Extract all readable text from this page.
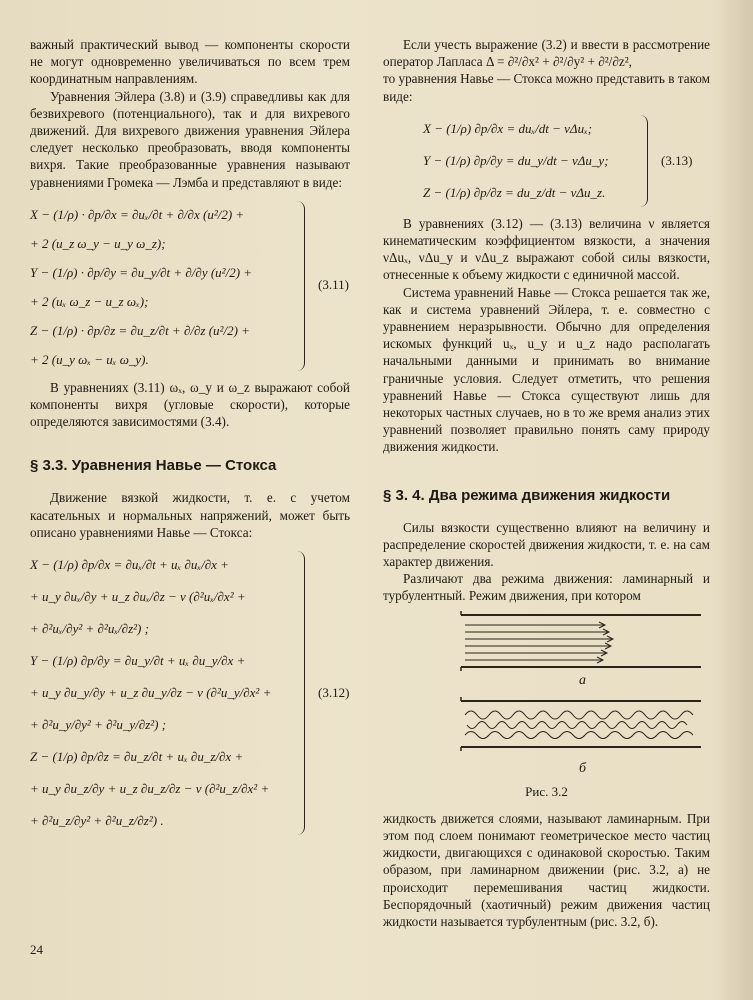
важный практический вывод — компоненты скорости не могут одновременно увеличиваться по всем трем координатным направлениям.

Уравнения Эйлера (3.8) и (3.9) справедливы как для безвихревого (потенциального), так и для вихревого движений. Для вихревого движения уравнения Эйлера следует несколько преобразовать, вводя компоненты вихря. Такие преобразованные уравнения называют уравнениями Громека — Лэмба и представляют в виде:

X − (1/ρ) · ∂p/∂x = ∂uₓ/∂t + ∂/∂x (u²/2) +
+ 2 (u_z ω_y − u_y ω_z);
Y − (1/ρ) · ∂p/∂y = ∂u_y/∂t + ∂/∂y (u²/2) +
+ 2 (uₓ ω_z − u_z ωₓ);
Z − (1/ρ) · ∂p/∂z = ∂u_z/∂t + ∂/∂z (u²/2) +
+ 2 (u_y ωₓ − uₓ ω_y).
(3.11)

В уравнениях (3.11) ωₓ, ω_y и ω_z выражают собой компоненты вихря (угловые скорости), которые определяются зависимостями (3.4).

§ 3.3. Уравнения Навье — Стокса

Движение вязкой жидкости, т. е. с учетом касательных и нормальных напряжений, может быть описано уравнениями Навье — Стокса:

X − (1/ρ) ∂p/∂x = ∂uₓ/∂t + uₓ ∂uₓ/∂x +
+ u_y ∂uₓ/∂y + u_z ∂uₓ/∂z − ν (∂²uₓ/∂x² +
+ ∂²uₓ/∂y² + ∂²uₓ/∂z²) ;
Y − (1/ρ) ∂p/∂y = ∂u_y/∂t + uₓ ∂u_y/∂x +
+ u_y ∂u_y/∂y + u_z ∂u_y/∂z − ν (∂²u_y/∂x² +
+ ∂²u_y/∂y² + ∂²u_y/∂z²) ;
Z − (1/ρ) ∂p/∂z = ∂u_z/∂t + uₓ ∂u_z/∂x +
+ u_y ∂u_z/∂y + u_z ∂u_z/∂z − ν (∂²u_z/∂x² +
+ ∂²u_z/∂y² + ∂²u_z/∂z²) .
(3.12)

Если учесть выражение (3.2) и ввести в рассмотрение оператор Лапласа Δ = ∂²/∂x² + ∂²/∂y² + ∂²/∂z²,

то уравнения Навье — Стокса можно представить в таком виде:

X − (1/ρ) ∂p/∂x = duₓ/dt − νΔuₓ;
Y − (1/ρ) ∂p/∂y = du_y/dt − νΔu_y;
Z − (1/ρ) ∂p/∂z = du_z/dt − νΔu_z.
(3.13)

В уравнениях (3.12) — (3.13) величина ν является кинематическим коэффициентом вязкости, а значения νΔuₓ, νΔu_y и νΔu_z выражают собой силы вязкости, отнесенные к объему жидкости с единичной массой.

Система уравнений Навье — Стокса решается так же, как и система уравнений Эйлера, т. е. совместно с уравнением неразрывности. Обычно для определения искомых функций uₓ, u_y и u_z надо располагать начальными данными и принимать во внимание граничные условия. Следует отметить, что решения уравнений Навье — Стокса существуют лишь для некоторых частных случаев, но в то же время анализ этих уравнений позволяет правильно понять саму природу движения жидкости.

§ 3. 4. Два режима движения жидкости

Силы вязкости существенно влияют на величину и распределение скоростей движения жидкости, т. е. на сам характер движения.

Различают два режима движения: ламинарный и турбулентный. Режим движения, при котором

а
б

Рис. 3.2

жидкость движется слоями, называют ламинарным. При этом под слоем понимают геометрическое место частиц жидкости, двигающихся с одинаковой скоростью. Таким образом, при ламинарном движении (рис. 3.2, а) не происходит перемешивания частиц жидкости. Беспорядочный (хаотичный) режим движения частиц жидкости называется турбулентным (рис. 3.2, б).

24
